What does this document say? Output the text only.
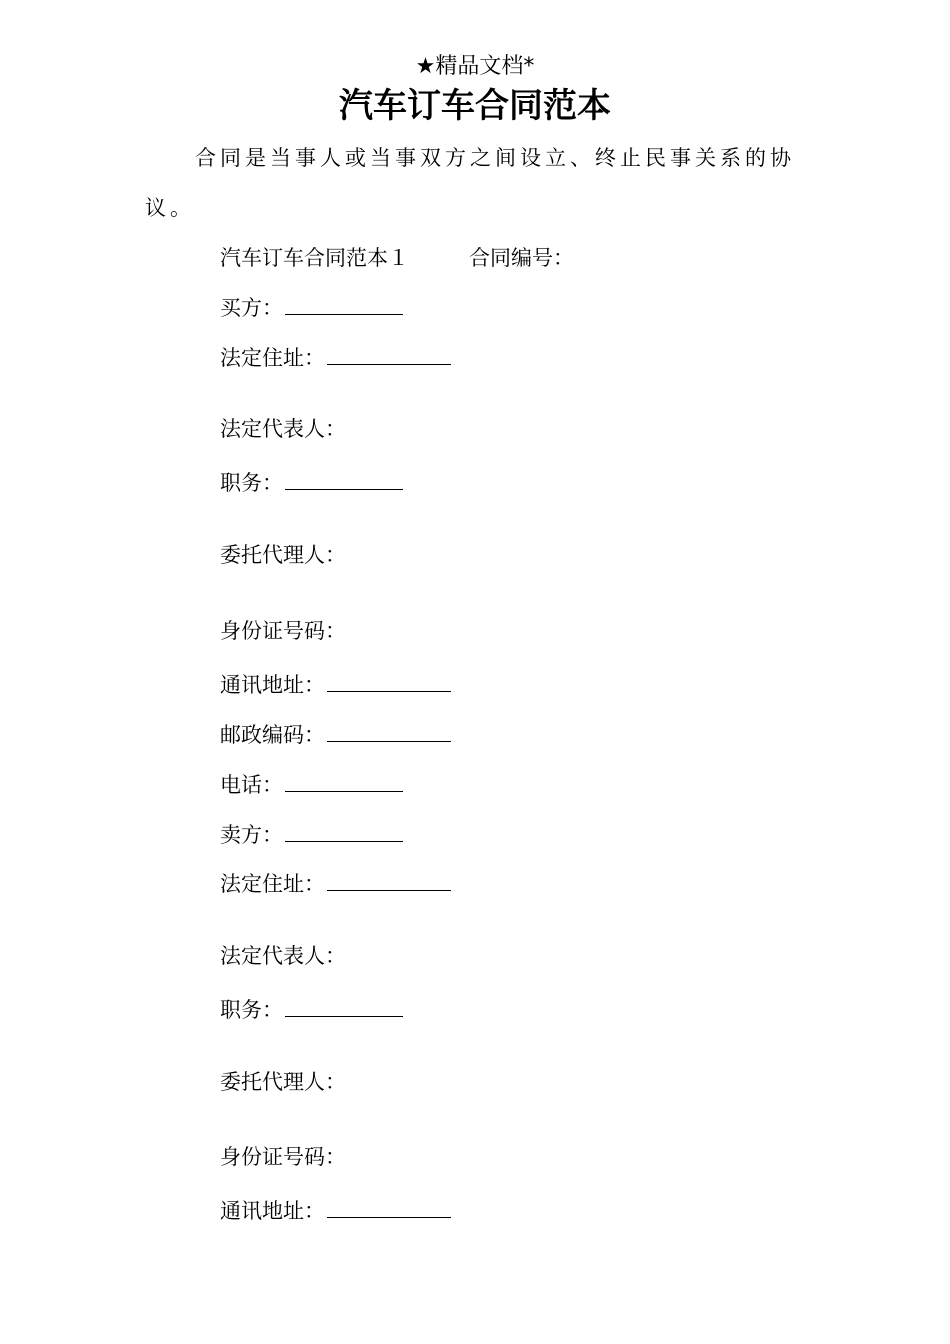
★精品文档*
汽车订车合同范本
合同是当事人或当事双方之间设立、终止民事关系的协
议。
汽车订车合同范本１	合同编号：
买方：
法定住址：
法定代表人：
职务：
委托代理人：
身份证号码：
通讯地址：
邮政编码：
电话：
卖方：
法定住址：
法定代表人：
职务：
委托代理人：
身份证号码：
通讯地址：
